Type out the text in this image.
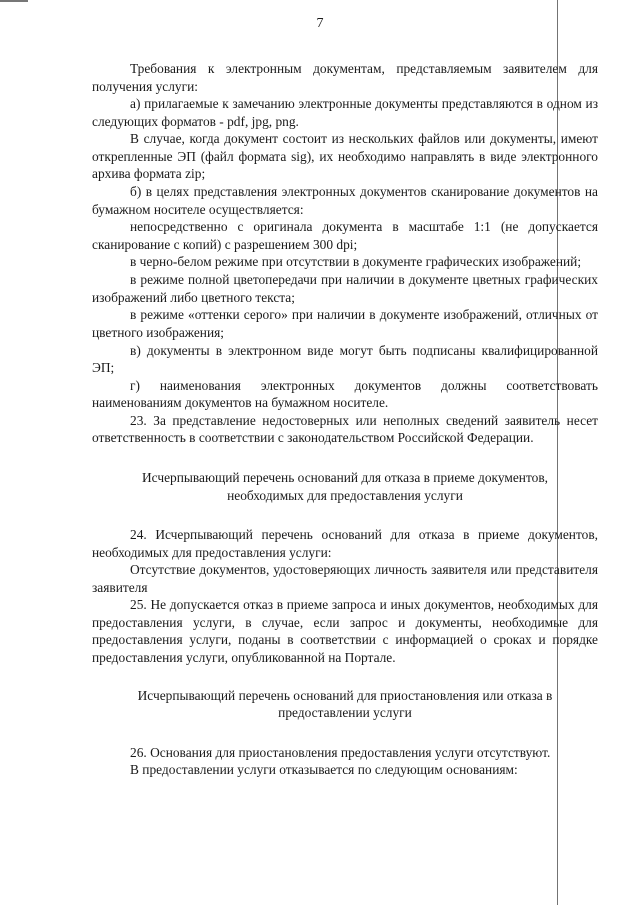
7

Требования к электронным документам, представляемым заявителем для получения услуги:

а) прилагаемые к замечанию электронные документы представляются в одном из следующих форматов - pdf, jpg, png.

В случае, когда документ состоит из нескольких файлов или документы, имеют открепленные ЭП (файл формата sig), их необходимо направлять в виде электронного архива формата zip;

б) в целях представления электронных документов сканирование документов на бумажном носителе осуществляется:

непосредственно с оригинала документа в масштабе 1:1 (не допускается сканирование с копий) с разрешением 300 dpi;

в черно-белом режиме при отсутствии в документе графических изображений;

в режиме полной цветопередачи при наличии в документе цветных графических изображений либо цветного текста;

в режиме «оттенки серого» при наличии в документе изображений, отличных от цветного изображения;

в) документы в электронном виде могут быть подписаны квалифицированной ЭП;

г) наименования электронных документов должны соответствовать наименованиям документов на бумажном носителе.

23. За представление недостоверных или неполных сведений заявитель несет ответственность в соответствии с законодательством Российской Федерации.

Исчерпывающий перечень оснований для отказа в приеме документов,
необходимых для предоставления услуги

24. Исчерпывающий перечень оснований для отказа в приеме документов, необходимых для предоставления услуги:

Отсутствие документов, удостоверяющих личность заявителя или представителя заявителя

25. Не допускается отказ в приеме запроса и иных документов, необходимых для предоставления услуги, в случае, если запрос и документы, необходимые для предоставления услуги, поданы в соответствии с информацией о сроках и порядке предоставления услуги, опубликованной на Портале.

Исчерпывающий перечень оснований для приостановления или отказа в
предоставлении услуги

26. Основания для приостановления предоставления услуги отсутствуют.

В предоставлении услуги отказывается по следующим основаниям:
